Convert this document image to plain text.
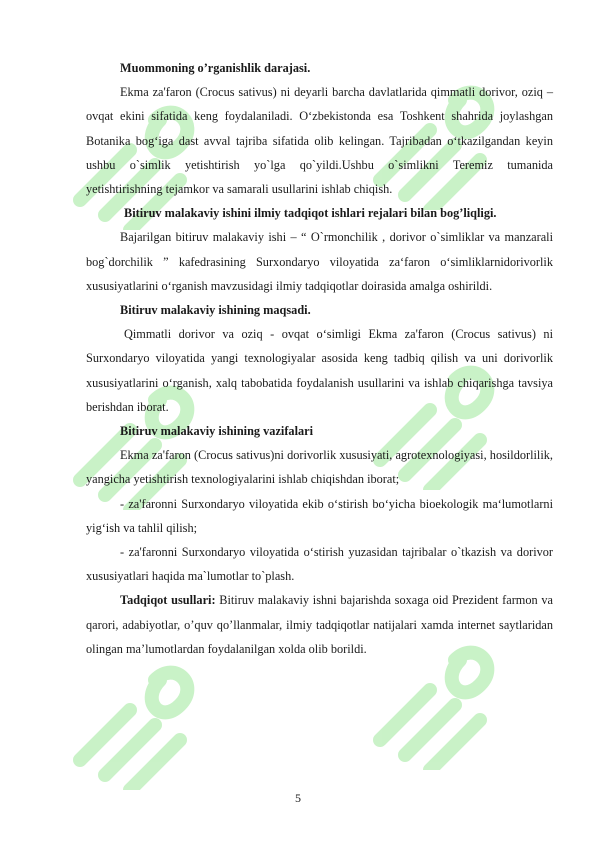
Muommoning o’rganishlik darajasi.

Ekma za'faron (Crocus sativus) ni deyarli barcha davlatlarida qimmatli dorivor, oziq –ovqat ekini sifatida keng foydalaniladi. O‘zbekistonda esa Toshkent shahrida joylashgan Botanika bog‘iga dast avval tajriba sifatida olib kelingan. Tajribadan o‘tkazilgandan keyin ushbu o`simlik yetishtirish yo`lga qo`yildi.Ushbu o`simlikni Teremiz tumanida yetishtirishning tejamkor va samarali usullarini ishlab chiqish.

Bitiruv malakaviy ishini ilmiy tadqiqot ishlari rejalari bilan bog’liqligi.

Bajarilgan bitiruv malakaviy ishi – “ O`rmonchilik , dorivor o`simliklar va manzarali bog`dorchilik ” kafedrasining Surxondaryo viloyatida za‘faron o‘simliklarnidorivorlik xususiyatlarini o‘rganish mavzusidagi ilmiy tadqiqotlar doirasida amalga oshirildi.

Bitiruv malakaviy ishining maqsadi.

Qimmatli dorivor va oziq - ovqat o‘simligi Ekma za'faron (Crocus sativus) ni Surxondaryo viloyatida yangi texnologiyalar asosida keng tadbiq qilish va uni dorivorlik xususiyatlarini o‘rganish, xalq tabobatida foydalanish usullarini va ishlab chiqarishga tavsiya berishdan iborat.

Bitiruv malakaviy ishining vazifalari

Ekma za'faron (Crocus sativus)ni dorivorlik xususiyati, agrotexnologiyasi, hosildorlilik, yangicha yetishtirish texnologiyalarini ishlab chiqishdan iborat;

- za'faronni Surxondaryo viloyatida ekib o‘stirish bo‘yicha bioekologik ma‘lumotlarni yig‘ish va tahlil qilish;

- za'faronni Surxondaryo viloyatida o‘stirish yuzasidan tajribalar o`tkazish va dorivor xususiyatlari haqida ma`lumotlar to`plash.

Tadqiqot usullari: Bitiruv malakaviy ishni bajarishda soxaga oid Prezident farmon va qarori, adabiyotlar, o’quv qo’llanmalar, ilmiy tadqiqotlar natijalari xamda internet saytlaridan olingan ma’lumotlardan foydalanilgan xolda olib borildi.

5
